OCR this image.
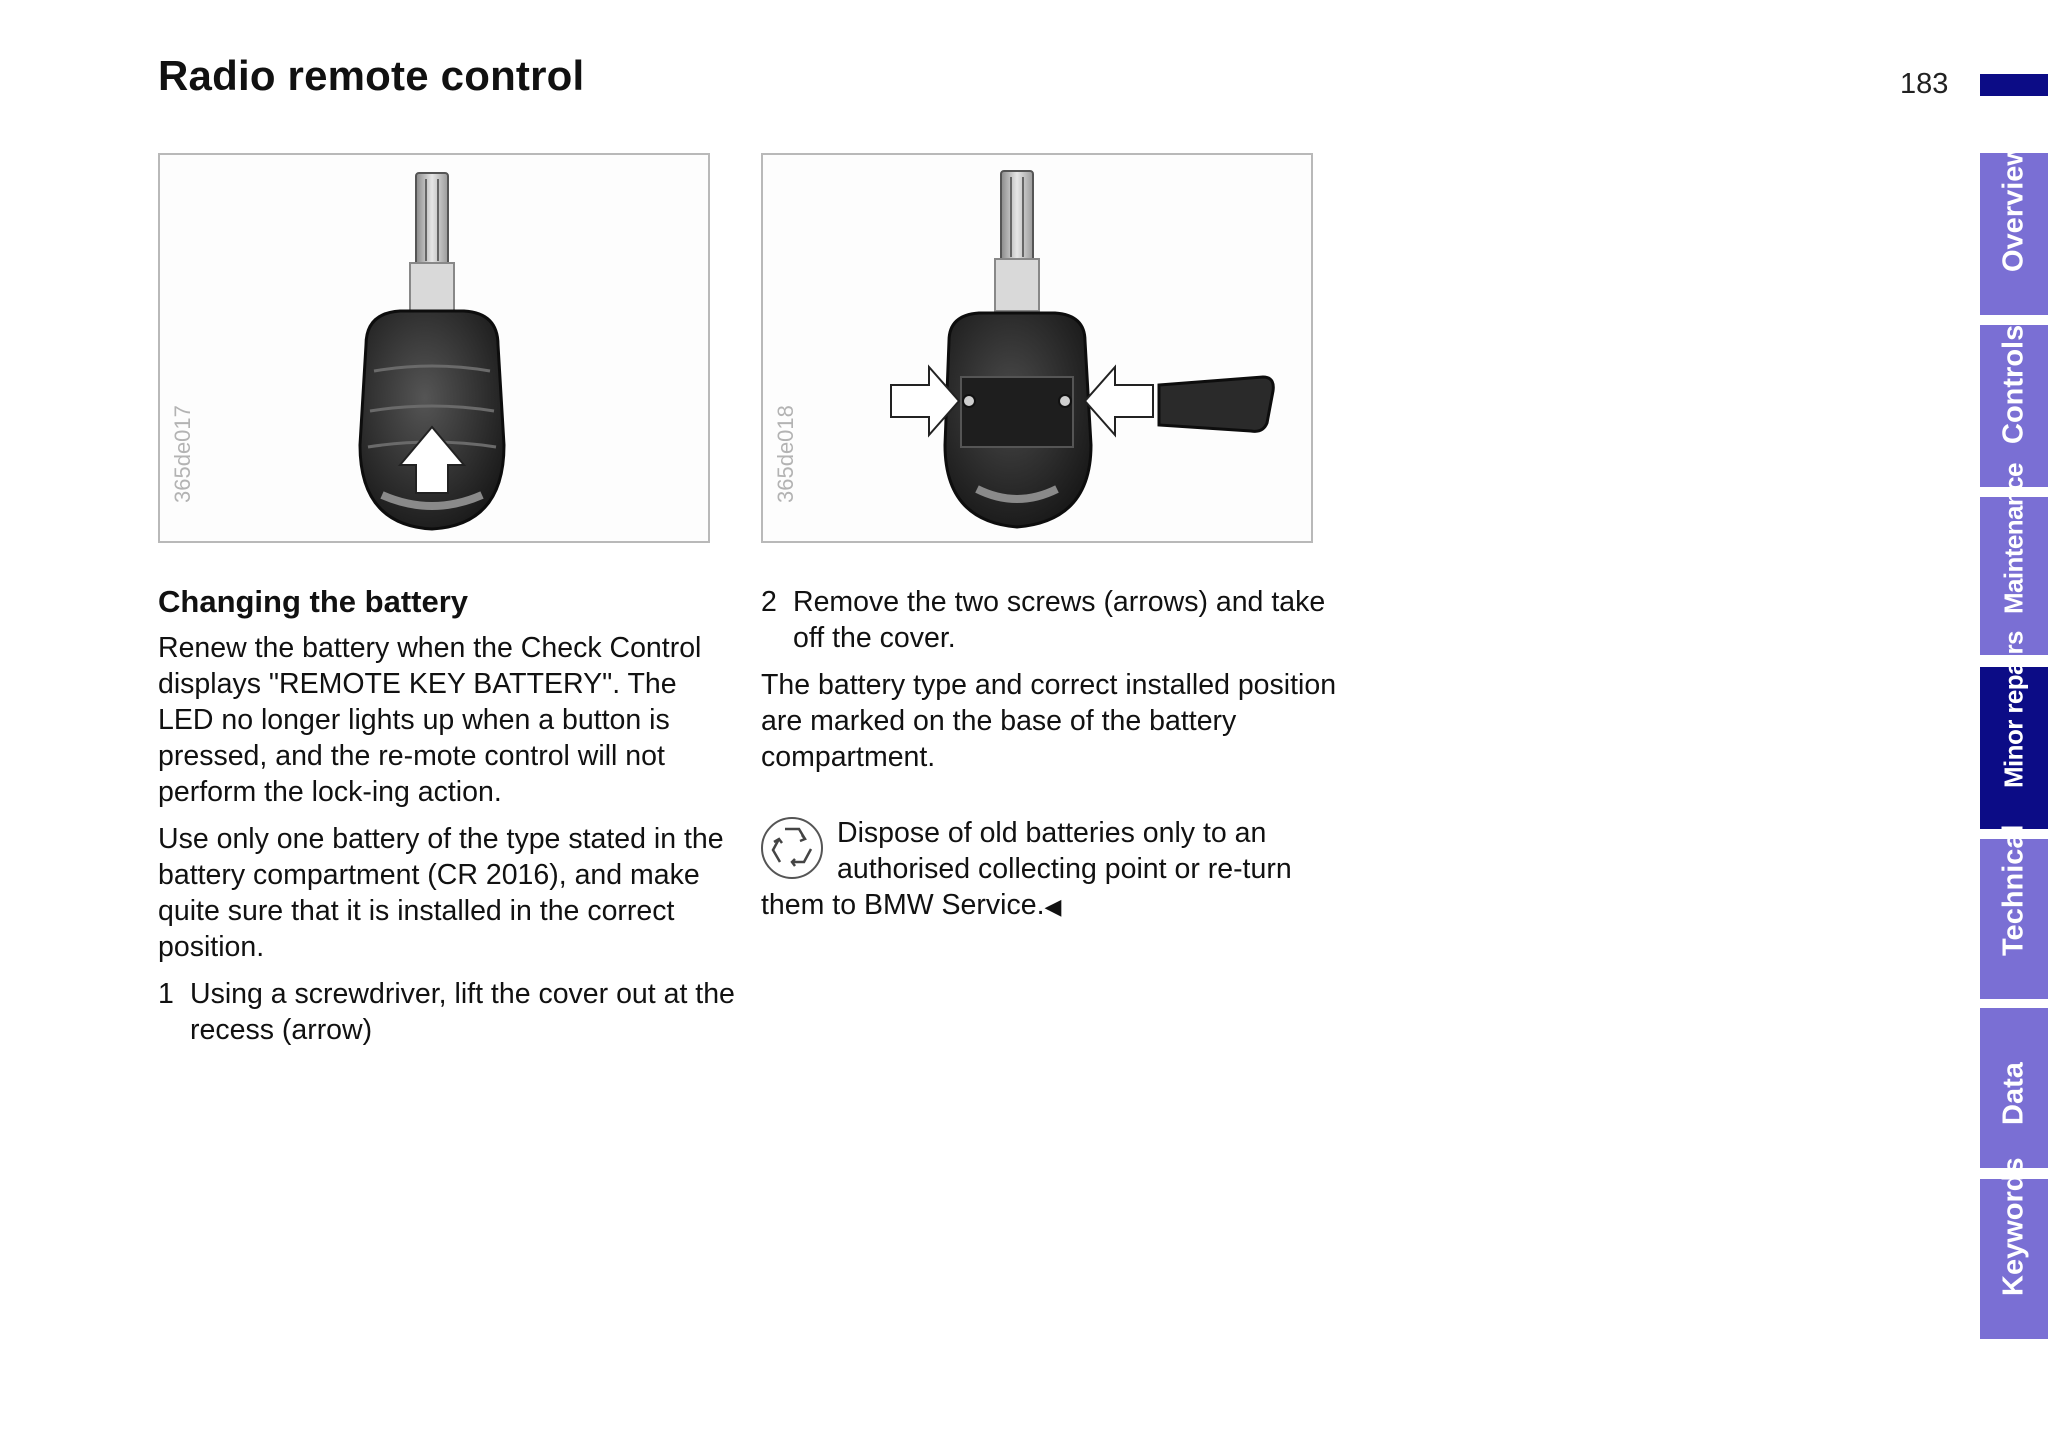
Radio remote control	183
Overview
Controls
Maintenance
Minor repairs
Technical
Data
Keywords
365de017	365de018
Changing the battery

Renew the battery when the Check Control displays "REMOTE KEY BATTERY". The LED no longer lights up when a button is pressed, and the re-mote control will not perform the lock-ing action.

Use only one battery of the type stated in the battery compartment (CR 2016), and make quite sure that it is installed in the correct position.

1 Using a screwdriver, lift the cover out at the recess (arrow)
2 Remove the two screws (arrows) and take off the cover.

The battery type and correct installed position are marked on the base of the battery compartment.

Dispose of old batteries only to an authorised collecting point or re-turn them to BMW Service.◀
